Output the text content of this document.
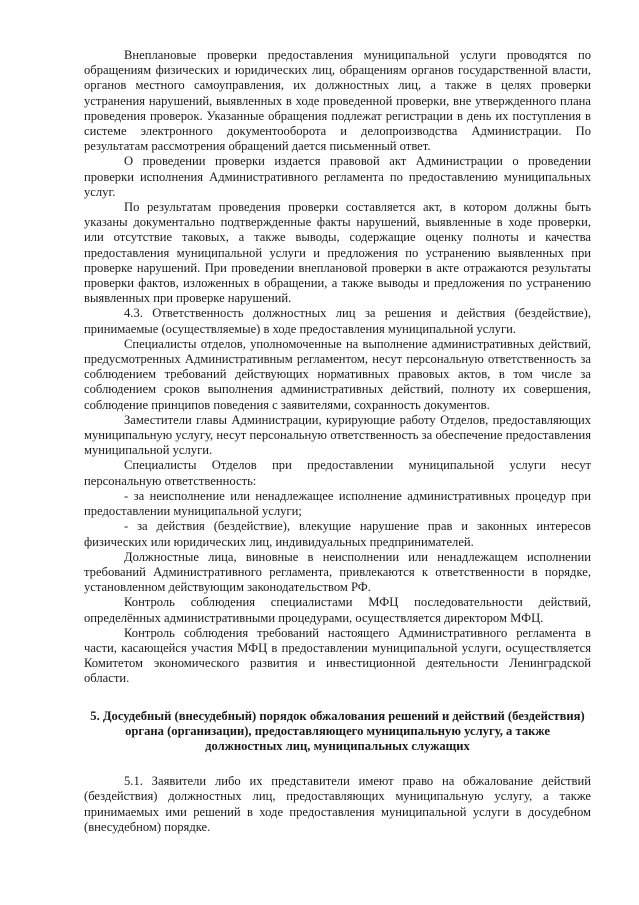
Внеплановые проверки предоставления муниципальной услуги проводятся по обращениям физических и юридических лиц, обращениям органов государственной власти, органов местного самоуправления, их должностных лиц, а также в целях проверки устранения нарушений, выявленных в ходе проведенной проверки, вне утвержденного плана проведения проверок. Указанные обращения подлежат регистрации в день их поступления в системе электронного документооборота и делопроизводства Администрации. По результатам рассмотрения обращений дается письменный ответ.

О проведении проверки издается правовой акт Администрации о проведении проверки исполнения Административного регламента по предоставлению муниципальных услуг.

По результатам проведения проверки составляется акт, в котором должны быть указаны документально подтвержденные факты нарушений, выявленные в ходе проверки, или отсутствие таковых, а также выводы, содержащие оценку полноты и качества предоставления муниципальной услуги и предложения по устранению выявленных при проверке нарушений. При проведении внеплановой проверки в акте отражаются результаты проверки фактов, изложенных в обращении, а также выводы и предложения по устранению выявленных при проверке нарушений.

4.3. Ответственность должностных лиц за решения и действия (бездействие), принимаемые (осуществляемые) в ходе предоставления муниципальной услуги.

Специалисты отделов, уполномоченные на выполнение административных действий, предусмотренных Административным регламентом, несут персональную ответственность за соблюдением требований действующих нормативных правовых актов, в том числе за соблюдением сроков выполнения административных действий, полноту их совершения, соблюдение принципов поведения с заявителями, сохранность документов.

Заместители главы Администрации, курирующие работу Отделов, предоставляющих муниципальную услугу, несут персональную ответственность за обеспечение предоставления муниципальной услуги.

Специалисты Отделов при предоставлении муниципальной услуги несут персональную ответственность:

- за неисполнение или ненадлежащее исполнение административных процедур при предоставлении муниципальной услуги;

- за действия (бездействие), влекущие нарушение прав и законных интересов физических или юридических лиц, индивидуальных предпринимателей.

Должностные лица, виновные в неисполнении или ненадлежащем исполнении требований Административного регламента, привлекаются к ответственности в порядке, установленном действующим законодательством РФ.

Контроль соблюдения специалистами МФЦ последовательности действий, определённых административными процедурами, осуществляется директором МФЦ.

Контроль соблюдения требований настоящего Административного регламента в части, касающейся участия МФЦ в предоставлении муниципальной услуги, осуществляется Комитетом экономического развития и инвестиционной деятельности Ленинградской области.

5. Досудебный (внесудебный) порядок обжалования решений и действий (бездействия) органа (организации), предоставляющего муниципальную услугу, а также должностных лиц, муниципальных служащих

5.1. Заявители либо их представители имеют право на обжалование действий (бездействия) должностных лиц, предоставляющих муниципальную услугу, а также принимаемых ими решений в ходе предоставления муниципальной услуги в досудебном (внесудебном) порядке.
